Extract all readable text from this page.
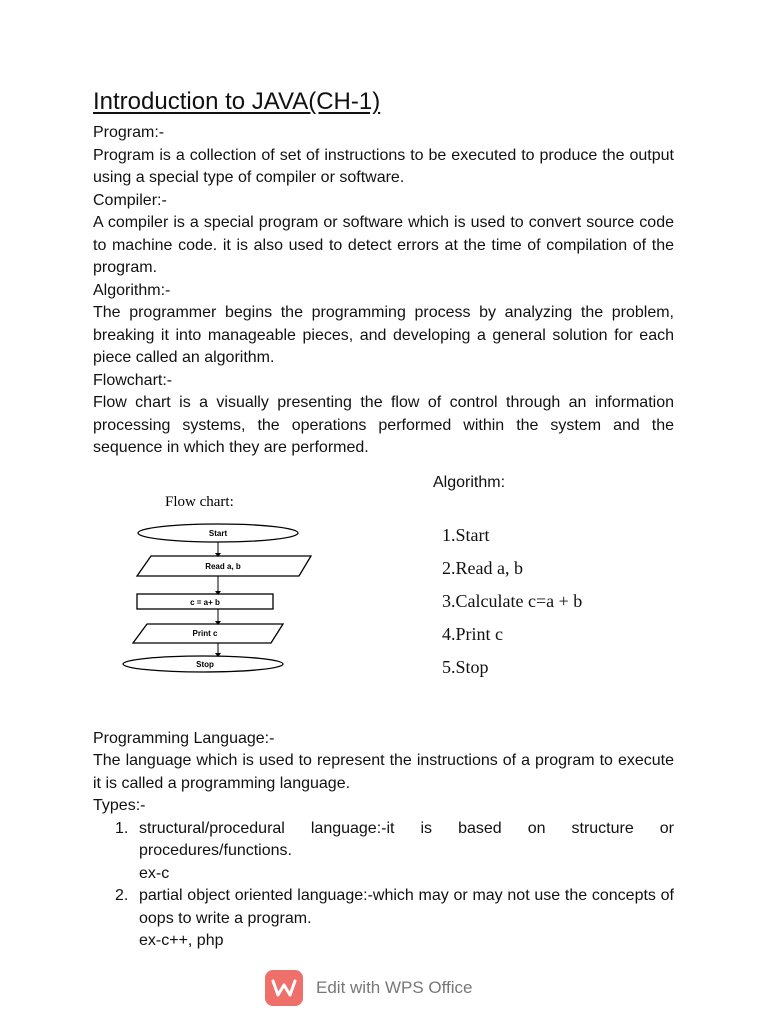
Introduction to JAVA(CH-1)

Program:-

Program is a collection of set of instructions to be executed to produce the output using a special type of compiler or software.

Compiler:-

A compiler is a special program or software which is used to convert source code to machine code. it is also used to detect errors at the time of compilation of the program.

Algorithm:-

The programmer begins the programming process by analyzing the problem, breaking it into manageable pieces, and developing a general solution for each piece called an algorithm.

Flowchart:-

Flow chart is a visually presenting the flow of control through an information processing systems, the operations performed within the system and the sequence in which they are performed.

Flow chart:
Start
Read a, b
c = a+ b
Print c
Stop
Algorithm:
1.Start
2.Read a, b
3.Calculate c=a + b
4.Print c
5.Stop

Programming Language:-

The language which is used to represent the instructions of a program to execute it is called a programming language.

Types:-

1. structural/procedural language:-it is based on structure or procedures/functions.
ex-c
2. partial object oriented language:-which may or may not use the concepts of oops to write a program.
ex-c++, php
Edit with WPS Office
